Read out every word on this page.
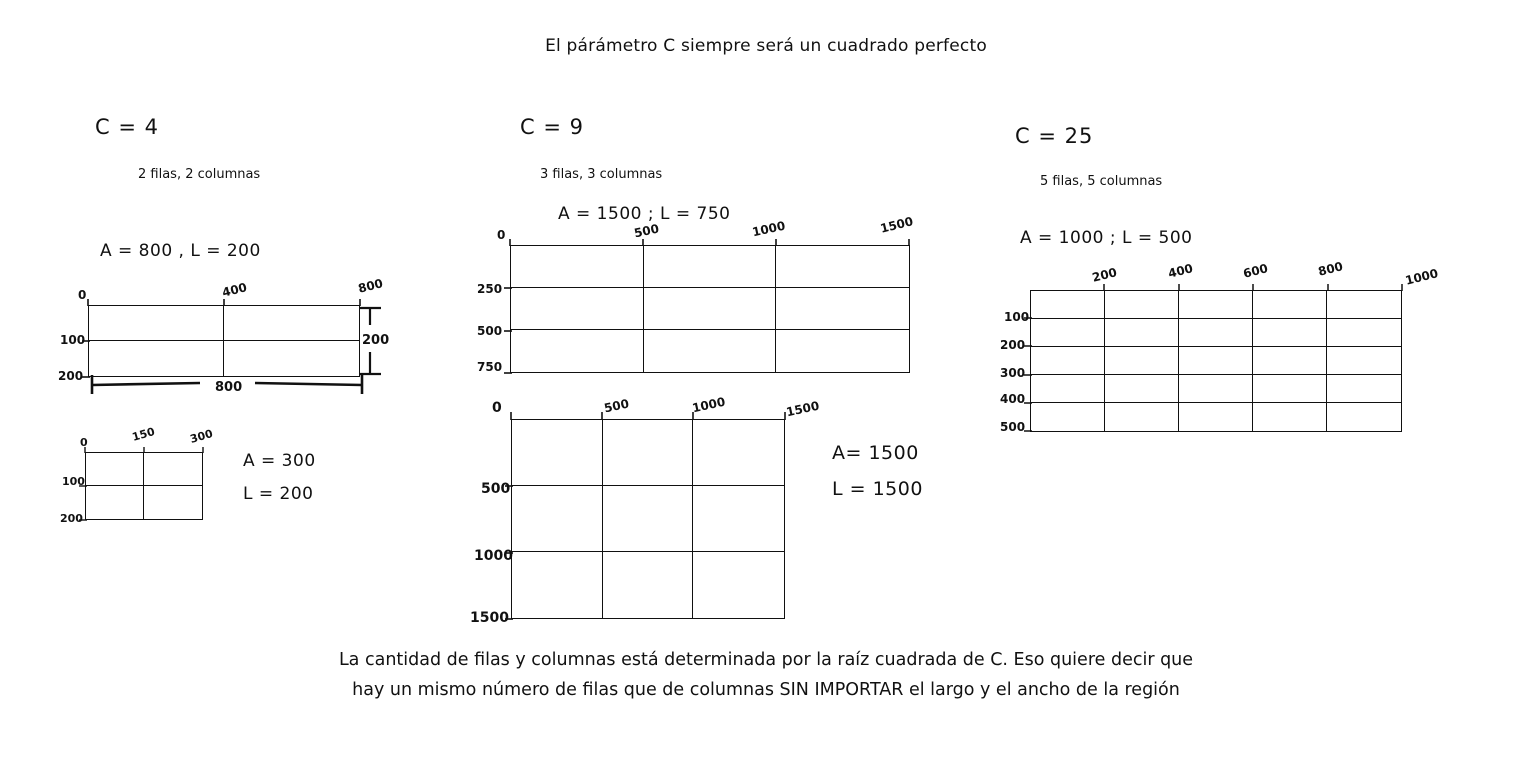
El párámetro C siempre será un cuadrado perfecto
C = 4
2 filas, 2 columnas
A = 800 , L = 200
0	400	800
100
200
800
200
0	150	300
100
200
A = 300
L = 200
C = 9
3 filas, 3 columnas
A = 1500 ; L = 750
0	500	1000	1500
250
500
750
0	500	1000	1500
500
1000
1500
A= 1500
L = 1500
C = 25
5 filas, 5 columnas
A = 1000 ; L = 500
200	400	600	800	1000
100
200
300
400
500
La cantidad de filas y columnas está determinada por la raíz cuadrada de C. Eso quiere decir que
hay un mismo número de filas que de columnas SIN IMPORTAR el largo y el ancho de la región
